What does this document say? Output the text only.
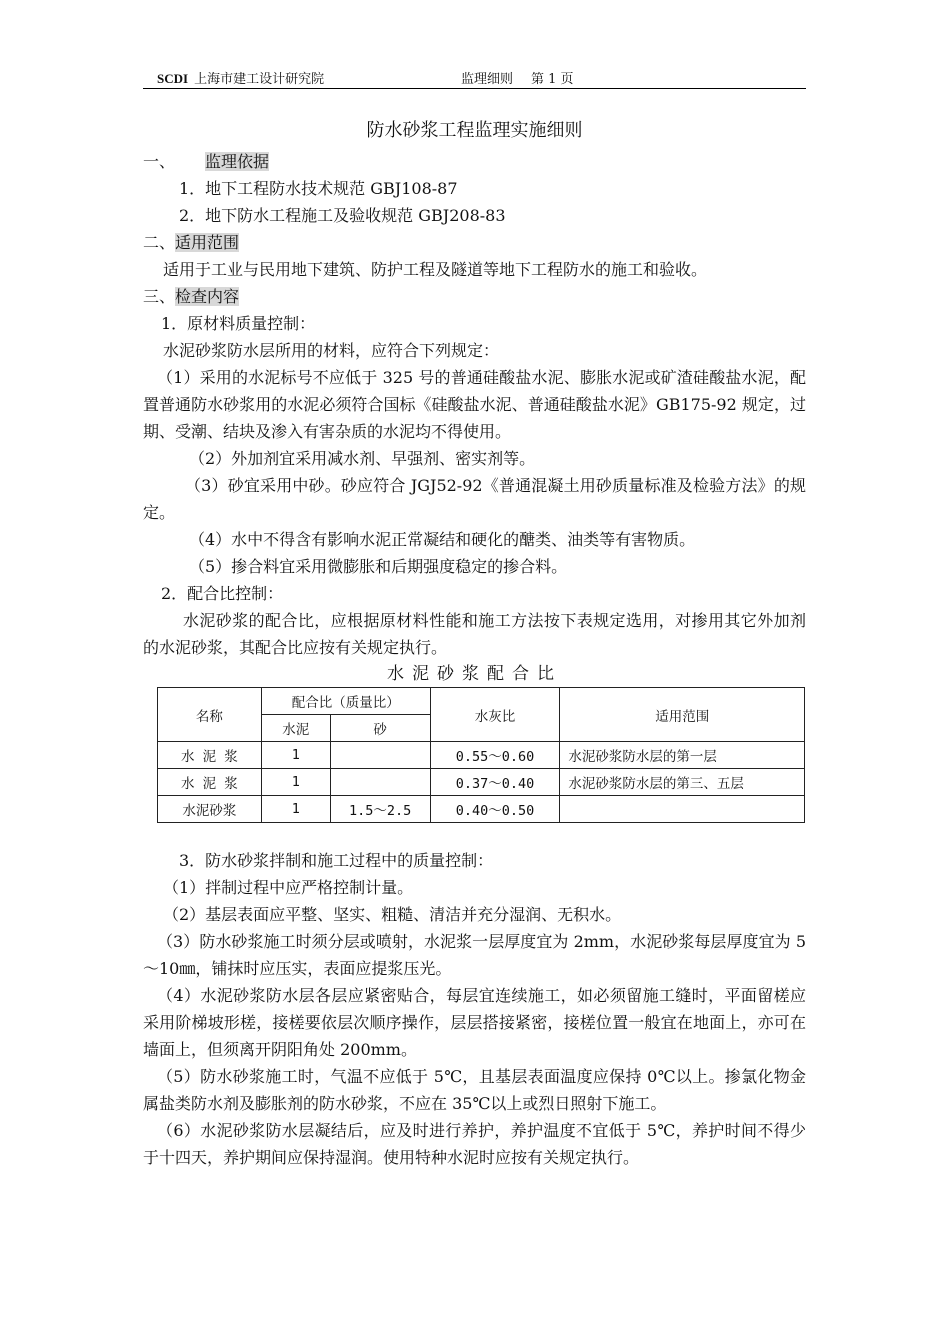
SCDI 上海市建工设计研究院	监理细则 第 1 页

防水砂浆工程监理实施细则

一、 监理依据

1．地下工程防水技术规范 GBJ108-87

2．地下防水工程施工及验收规范 GBJ208-83

二、适用范围

适用于工业与民用地下建筑、防护工程及隧道等地下工程防水的施工和验收。

三、检查内容

1．原材料质量控制：

水泥砂浆防水层所用的材料，应符合下列规定：

（1）采用的水泥标号不应低于 325 号的普通硅酸盐水泥、膨胀水泥或矿渣硅酸盐水泥，配置普通防水砂浆用的水泥必须符合国标《硅酸盐水泥、普通硅酸盐水泥》GB175-92 规定，过期、受潮、结块及渗入有害杂质的水泥均不得使用。

（2）外加剂宜采用减水剂、早强剂、密实剂等。

（3）砂宜采用中砂。砂应符合 JGJ52-92《普通混凝土用砂质量标准及检验方法》的规定。

（4）水中不得含有影响水泥正常凝结和硬化的醣类、油类等有害物质。

（5）掺合料宜采用微膨胀和后期强度稳定的掺合料。

2．配合比控制：

水泥砂浆的配合比，应根据原材料性能和施工方法按下表规定选用，对掺用其它外加剂的水泥砂浆，其配合比应按有关规定执行。

水泥砂浆配合比

名称	配合比（质量比）		水灰比	适用范围
	水泥	砂		
水 泥 浆	1		0.55～0.60	水泥砂浆防水层的第一层
水 泥 浆	1		0.37～0.40	水泥砂浆防水层的第三、五层
水泥砂浆	1	1.5～2.5	0.40～0.50	

3．防水砂浆拌制和施工过程中的质量控制：

（1）拌制过程中应严格控制计量。

（2）基层表面应平整、坚实、粗糙、清洁并充分湿润、无积水。

（3）防水砂浆施工时须分层或喷射，水泥浆一层厚度宜为 2mm，水泥砂浆每层厚度宜为 5～10㎜，铺抹时应压实，表面应提浆压光。

（4）水泥砂浆防水层各层应紧密贴合，每层宜连续施工，如必须留施工缝时，平面留槎应采用阶梯坡形槎，接槎要依层次顺序操作，层层搭接紧密，接槎位置一般宜在地面上，亦可在墙面上，但须离开阴阳角处 200mm。

（5）防水砂浆施工时，气温不应低于 5℃，且基层表面温度应保持 0℃以上。掺氯化物金属盐类防水剂及膨胀剂的防水砂浆，不应在 35℃以上或烈日照射下施工。

（6）水泥砂浆防水层凝结后，应及时进行养护，养护温度不宜低于 5℃，养护时间不得少于十四天，养护期间应保持湿润。使用特种水泥时应按有关规定执行。
